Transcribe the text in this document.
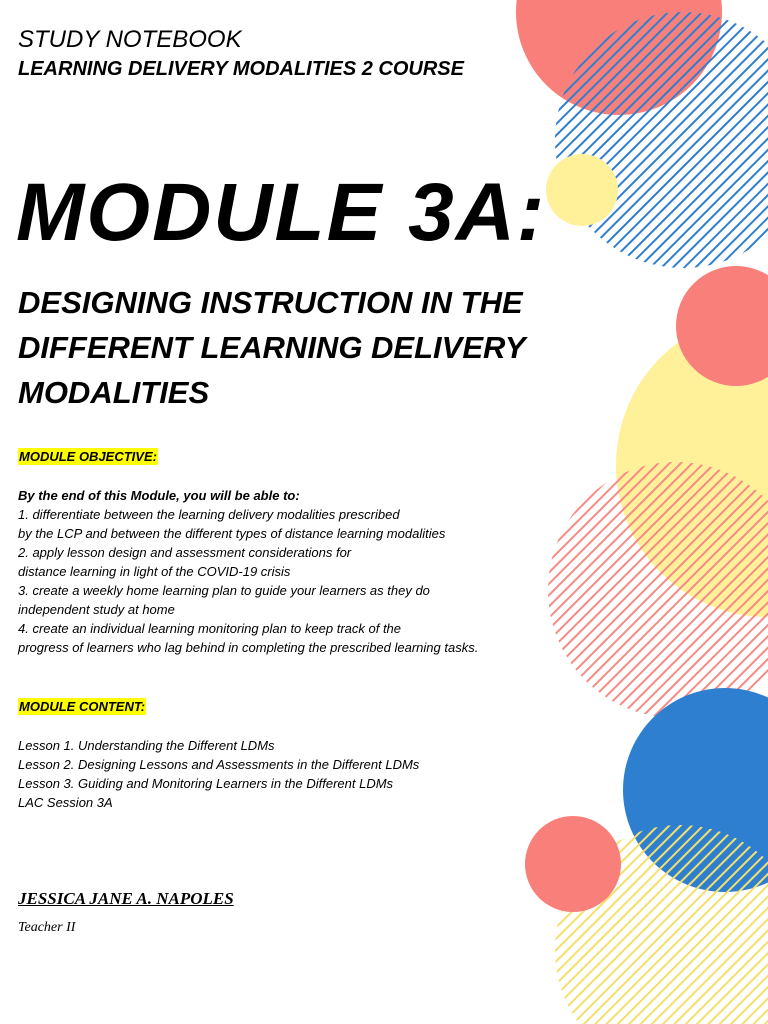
STUDY NOTEBOOK
LEARNING DELIVERY MODALITIES 2 COURSE
MODULE 3A:
DESIGNING INSTRUCTION IN THE
DIFFERENT LEARNING DELIVERY
MODALITIES
MODULE OBJECTIVE:
By the end of this Module, you will be able to:
1. differentiate between the learning delivery modalities prescribed
by the LCP and between the different types of distance learning modalities
2. apply lesson design and assessment considerations for
distance learning in light of the COVID-19 crisis
3. create a weekly home learning plan to guide your learners as they do
independent study at home
4. create an individual learning monitoring plan to keep track of the
progress of learners who lag behind in completing the prescribed learning tasks.
MODULE CONTENT:
Lesson 1. Understanding the Different LDMs
Lesson 2. Designing Lessons and Assessments in the Different LDMs
Lesson 3. Guiding and Monitoring Learners in the Different LDMs
LAC Session 3A
JESSICA JANE A. NAPOLES
Teacher II
